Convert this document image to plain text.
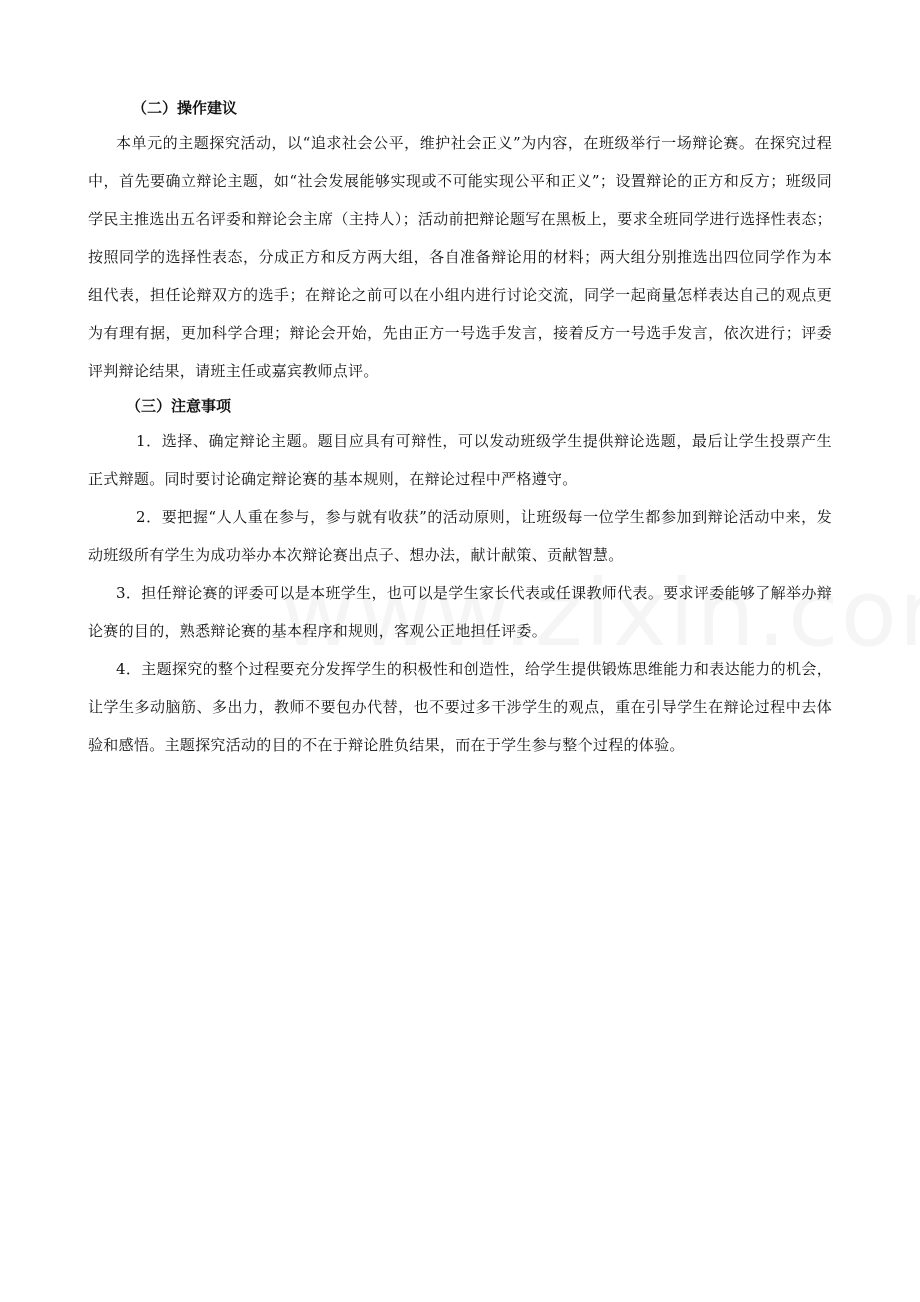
（二）操作建议

本单元的主题探究活动，以“追求社会公平，维护社会正义”为内容，在班级举行一场辩论赛。在探究过程中，首先要确立辩论主题，如“社会发展能够实现或不可能实现公平和正义”；设置辩论的正方和反方；班级同学民主推选出五名评委和辩论会主席（主持人）；活动前把辩论题写在黑板上，要求全班同学进行选择性表态；按照同学的选择性表态，分成正方和反方两大组，各自准备辩论用的材料；两大组分别推选出四位同学作为本组代表，担任论辩双方的选手；在辩论之前可以在小组内进行讨论交流，同学一起商量怎样表达自己的观点更为有理有据，更加科学合理；辩论会开始，先由正方一号选手发言，接着反方一号选手发言，依次进行；评委评判辩论结果，请班主任或嘉宾教师点评。

（三）注意事项

1．选择、确定辩论主题。题目应具有可辩性，可以发动班级学生提供辩论选题，最后让学生投票产生正式辩题。同时要讨论确定辩论赛的基本规则，在辩论过程中严格遵守。

2．要把握“人人重在参与，参与就有收获”的活动原则，让班级每一位学生都参加到辩论活动中来，发动班级所有学生为成功举办本次辩论赛出点子、想办法，献计献策、贡献智慧。

3．担任辩论赛的评委可以是本班学生，也可以是学生家长代表或任课教师代表。要求评委能够了解举办辩论赛的目的，熟悉辩论赛的基本程序和规则，客观公正地担任评委。

4．主题探究的整个过程要充分发挥学生的积极性和创造性，给学生提供锻炼思维能力和表达能力的机会，让学生多动脑筋、多出力，教师不要包办代替，也不要过多干涉学生的观点，重在引导学生在辩论过程中去体验和感悟。主题探究活动的目的不在于辩论胜负结果，而在于学生参与整个过程的体验。
